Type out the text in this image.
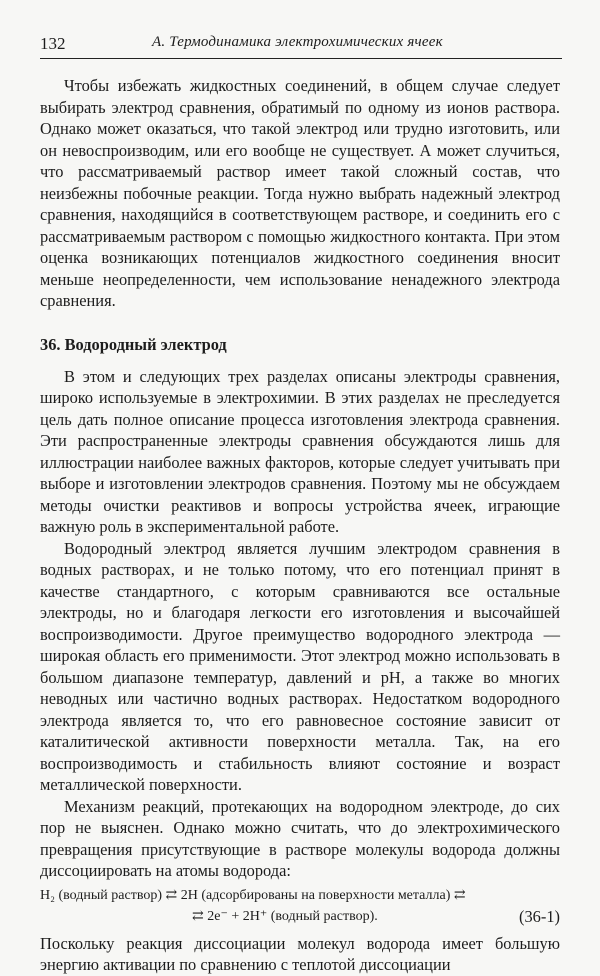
132	А. Термодинамика электрохимических ячеек

Чтобы избежать жидкостных соединений, в общем случае следует выбирать электрод сравнения, обратимый по одному из ионов раствора. Однако может оказаться, что такой электрод или трудно изготовить, или он невоспроизводим, или его вообще не существует. А может случиться, что рассматриваемый раствор имеет такой сложный состав, что неизбежны побочные реакции. Тогда нужно выбрать надежный электрод сравнения, находящийся в соответствующем растворе, и соединить его с рассматриваемым раствором с помощью жидкостного контакта. При этом оценка возникающих потенциалов жидкостного соединения вносит меньше неопределенности, чем использование ненадежного электрода сравнения.

36. Водородный электрод

В этом и следующих трех разделах описаны электроды сравнения, широко используемые в электрохимии. В этих разделах не преследуется цель дать полное описание процесса изготовления электрода сравнения. Эти распространенные электроды сравнения обсуждаются лишь для иллюстрации наиболее важных факторов, которые следует учитывать при выборе и изготовлении электродов сравнения. Поэтому мы не обсуждаем методы очистки реактивов и вопросы устройства ячеек, играющие важную роль в экспериментальной работе.

Водородный электрод является лучшим электродом сравнения в водных растворах, и не только потому, что его потенциал принят в качестве стандартного, с которым сравниваются все остальные электроды, но и благодаря легкости его изготовления и высочайшей воспроизводимости. Другое преимущество водородного электрода — широкая область его применимости. Этот электрод можно использовать в большом диапазоне температур, давлений и pH, а также во многих неводных или частично водных растворах. Недостатком водородного электрода является то, что его равновесное состояние зависит от каталитической активности поверхности металла. Так, на его воспроизводимость и стабильность влияют состояние и возраст металлической поверхности.

Механизм реакций, протекающих на водородном электроде, до сих пор не выяснен. Однако можно считать, что до электрохимического превращения присутствующие в растворе молекулы водорода должны диссоциировать на атомы водорода:

H₂ (водный раствор) ⇄ 2H (адсорбированы на поверхности металла) ⇄
⇄ 2e⁻ + 2H⁺ (водный раствор).	(36-1)

Поскольку реакция диссоциации молекул водорода имеет большую энергию активации по сравнению с теплотой диссоциации
